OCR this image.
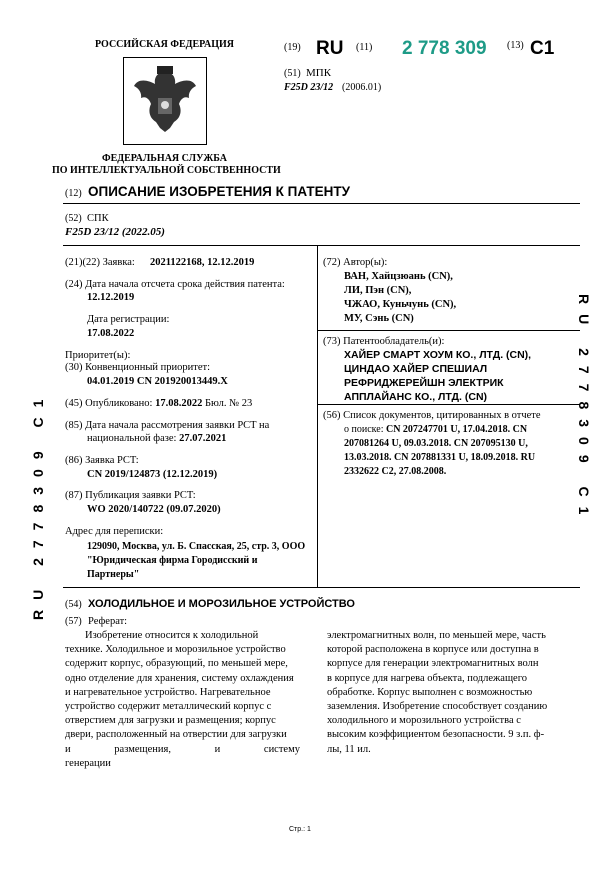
РОССИЙСКАЯ ФЕДЕРАЦИЯ
ФЕДЕРАЛЬНАЯ СЛУЖБА
ПО ИНТЕЛЛЕКТУАЛЬНОЙ СОБСТВЕННОСТИ
(19) RU (11) 2 778 309 (13) C1
(51) МПК
F25D 23/12 (2006.01)
(12) ОПИСАНИЕ ИЗОБРЕТЕНИЯ К ПАТЕНТУ
(52) СПК
F25D 23/12 (2022.05)
(21)(22) Заявка: 2021122168, 12.12.2019
(24) Дата начала отсчета срока действия патента:
12.12.2019
Дата регистрации:
17.08.2022
Приоритет(ы):
(30) Конвенционный приоритет:
04.01.2019 CN 201920013449.X
(45) Опубликовано: 17.08.2022 Бюл. № 23
(85) Дата начала рассмотрения заявки PCT на
национальной фазе: 27.07.2021
(86) Заявка PCT:
CN 2019/124873 (12.12.2019)
(87) Публикация заявки PCT:
WO 2020/140722 (09.07.2020)
Адрес для переписки:
129090, Москва, ул. Б. Спасская, 25, стр. 3, ООО
"Юридическая фирма Городисский и
Партнеры"
(72) Автор(ы):
ВАН, Хайцзюань (CN),
ЛИ, Пэн (CN),
ЧЖАО, Куньчунь (CN),
МУ, Сэнь (CN)
(73) Патентообладатель(и):
ХАЙЕР СМАРТ ХОУМ КО., ЛТД. (CN),
ЦИНДАО ХАЙЕР СПЕШИАЛ
РЕФРИДЖЕРЕЙШН ЭЛЕКТРИК
АППЛАЙАНС КО., ЛТД. (CN)
(56) Список документов, цитированных в отчете
о поиске: CN 207247701 U, 17.04.2018. CN
207081264 U, 09.03.2018. CN 207095130 U,
13.03.2018. CN 207881331 U, 18.09.2018. RU
2332622 C2, 27.08.2008.
(54) ХОЛОДИЛЬНОЕ И МОРОЗИЛЬНОЕ УСТРОЙСТВО
(57) Реферат:
Изобретение относится к холодильной
технике. Холодильное и морозильное устройство
содержит корпус, образующий, по меньшей мере,
одно отделение для хранения, систему охлаждения
и нагревательное устройство. Нагревательное
устройство содержит металлический корпус с
отверстием для загрузки и размещения; корпус
двери, расположенный на отверстии для загрузки
и размещения, и систему генерации
электромагнитных волн, по меньшей мере, часть
которой расположена в корпусе или доступна в
корпусе для генерации электромагнитных волн
в корпусе для нагрева объекта, подлежащего
обработке. Корпус выполнен с возможностью
заземления. Изобретение способствует созданию
холодильного и морозильного устройства с
высоким коэффициентом безопасности. 9 з.п. ф-
лы, 11 ил.
RU 2778309 C1	RU 2778309 C1
Стр.: 1
